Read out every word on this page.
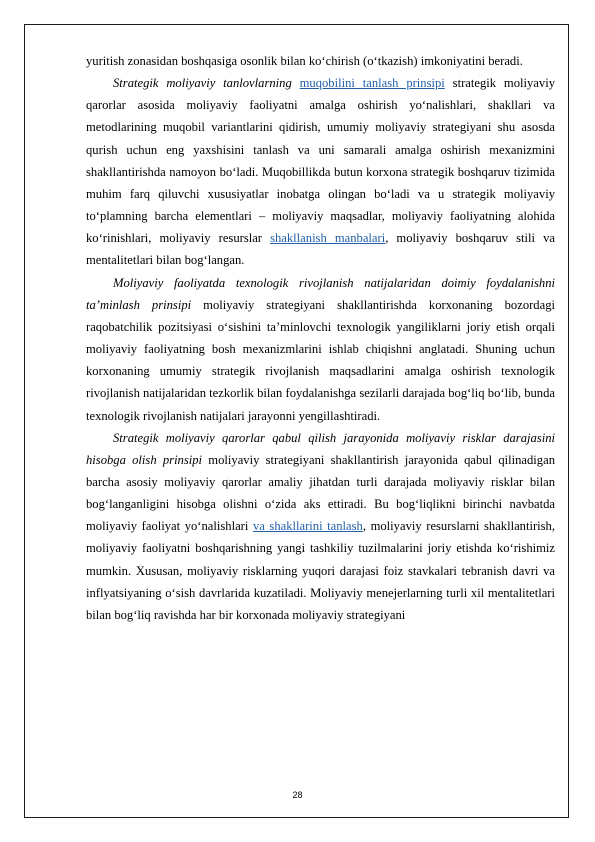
yuritish zonasidan boshqasiga osonlik bilan ko‘chirish (o‘tkazish) imkoniyatini beradi.

Strategik moliyaviy tanlovlarning muqobilini tanlash prinsipi strategik moliyaviy qarorlar asosida moliyaviy faoliyatni amalga oshirish yo‘nalishlari, shakllari va metodlarining muqobil variantlarini qidirish, umumiy moliyaviy strategiyani shu asosda qurish uchun eng yaxshisini tanlash va uni samarali amalga oshirish mexanizmini shakllantirishda namoyon bo‘ladi. Muqobillikda butun korxona strategik boshqaruv tizimida muhim farq qiluvchi xususiyatlar inobatga olingan bo‘ladi va u strategik moliyaviy to‘plamning barcha elementlari – moliyaviy maqsadlar, moliyaviy faoliyatning alohida ko‘rinishlari, moliyaviy resurslar shakllanish manbalari, moliyaviy boshqaruv stili va mentalitetlari bilan bog‘langan.

Moliyaviy faoliyatda texnologik rivojlanish natijalaridan doimiy foydalanishni ta’minlash prinsipi moliyaviy strategiyani shakllantirishda korxonaning bozordagi raqobatchilik pozitsiyasi o‘sishini ta’minlovchi texnologik yangiliklarni joriy etish orqali moliyaviy faoliyatning bosh mexanizmlarini ishlab chiqishni anglatadi. Shuning uchun korxonaning umumiy strategik rivojlanish maqsadlarini amalga oshirish texnologik rivojlanish natijalaridan tezkorlik bilan foydalanishga sezilarli darajada bog‘liq bo‘lib, bunda texnologik rivojlanish natijalari jarayonni yengillashtiradi.

Strategik moliyaviy qarorlar qabul qilish jarayonida moliyaviy risklar darajasini hisobga olish prinsipi moliyaviy strategiyani shakllantirish jarayonida qabul qilinadigan barcha asosiy moliyaviy qarorlar amaliy jihatdan turli darajada moliyaviy risklar bilan bog‘langanligini hisobga olishni o‘zida aks ettiradi. Bu bog‘liqlikni birinchi navbatda moliyaviy faoliyat yo‘nalishlari va shakllarini tanlash, moliyaviy resurslarni shakllantirish, moliyaviy faoliyatni boshqarishning yangi tashkiliy tuzilmalarini joriy etishda ko‘rishimiz mumkin. Xususan, moliyaviy risklarning yuqori darajasi foiz stavkalari tebranish davri va inflyatsiyaning o‘sish davrlarida kuzatiladi. Moliyaviy menejerlarning turli xil mentalitetlari bilan bog‘liq ravishda har bir korxonada moliyaviy strategiyani

28
